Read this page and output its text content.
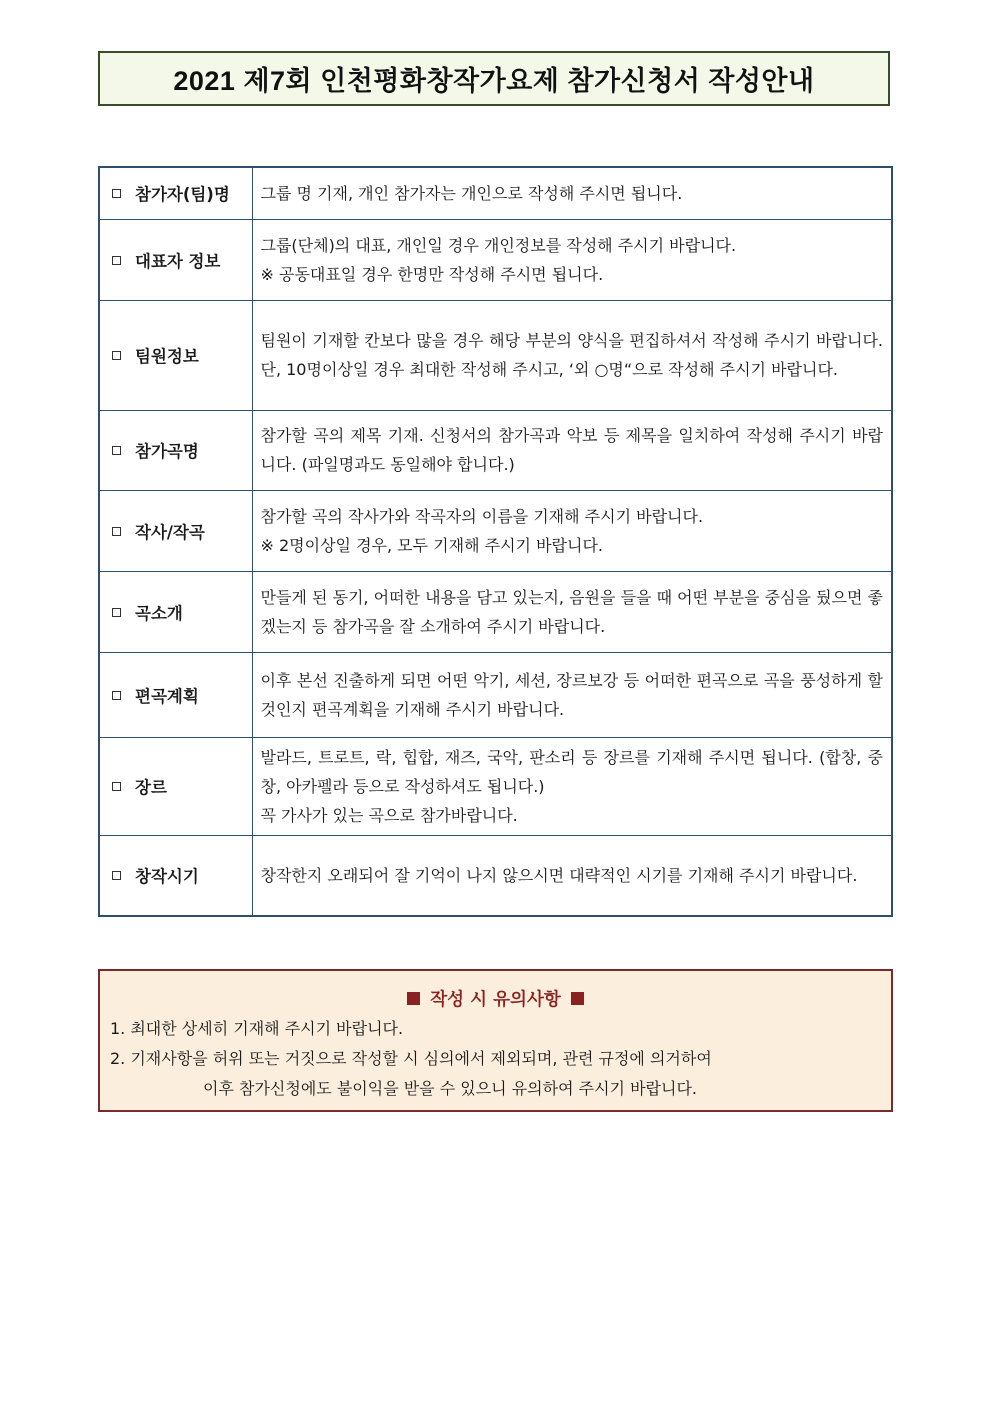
2021 제7회 인천평화창작가요제 참가신청서 작성안내
참가자(팀)명	그룹 명 기재, 개인 참가자는 개인으로 작성해 주시면 됩니다.
대표자 정보	그룹(단체)의 대표, 개인일 경우 개인정보를 작성해 주시기 바랍니다.
※ 공동대표일 경우 한명만 작성해 주시면 됩니다.

팀원정보	팀원이 기재할 칸보다 많을 경우 해당 부분의 양식을 편집하셔서 작성해 주시기 바랍니다. 단, 10명이상일 경우 최대한 작성해 주시고, ‘외 ○명“으로 작성해 주시기 바랍니다.
참가곡명	참가할 곡의 제목 기재. 신청서의 참가곡과 악보 등 제목을 일치하여 작성해 주시기 바랍니다. (파일명과도 동일해야 합니다.)
작사/작곡	참가할 곡의 작사가와 작곡자의 이름을 기재해 주시기 바랍니다.
※ 2명이상일 경우, 모두 기재해 주시기 바랍니다.

곡소개	만들게 된 동기, 어떠한 내용을 담고 있는지, 음원을 들을 때 어떤 부분을 중심을 뒀으면 좋겠는지 등 참가곡을 잘 소개하여 주시기 바랍니다.
편곡계획	이후 본선 진출하게 되면 어떤 악기, 세션, 장르보강 등 어떠한 편곡으로 곡을 풍성하게 할 것인지 편곡계획을 기재해 주시기 바랍니다.
장르	발라드, 트로트, 락, 힙합, 재즈, 국악, 판소리 등 장르를 기재해 주시면 됩니다. (합창, 중창, 아카펠라 등으로 작성하셔도 됩니다.)
꼭 가사가 있는 곡으로 참가바랍니다.

창작시기	창작한지 오래되어 잘 기억이 나지 않으시면 대략적인 시기를 기재해 주시기 바랍니다.
작성 시 유의사항
1. 최대한 상세히 기재해 주시기 바랍니다.
2. 기재사항을 허위 또는 거짓으로 작성할 시 심의에서 제외되며, 관련 규정에 의거하여
이후 참가신청에도 불이익을 받을 수 있으니 유의하여 주시기 바랍니다.
